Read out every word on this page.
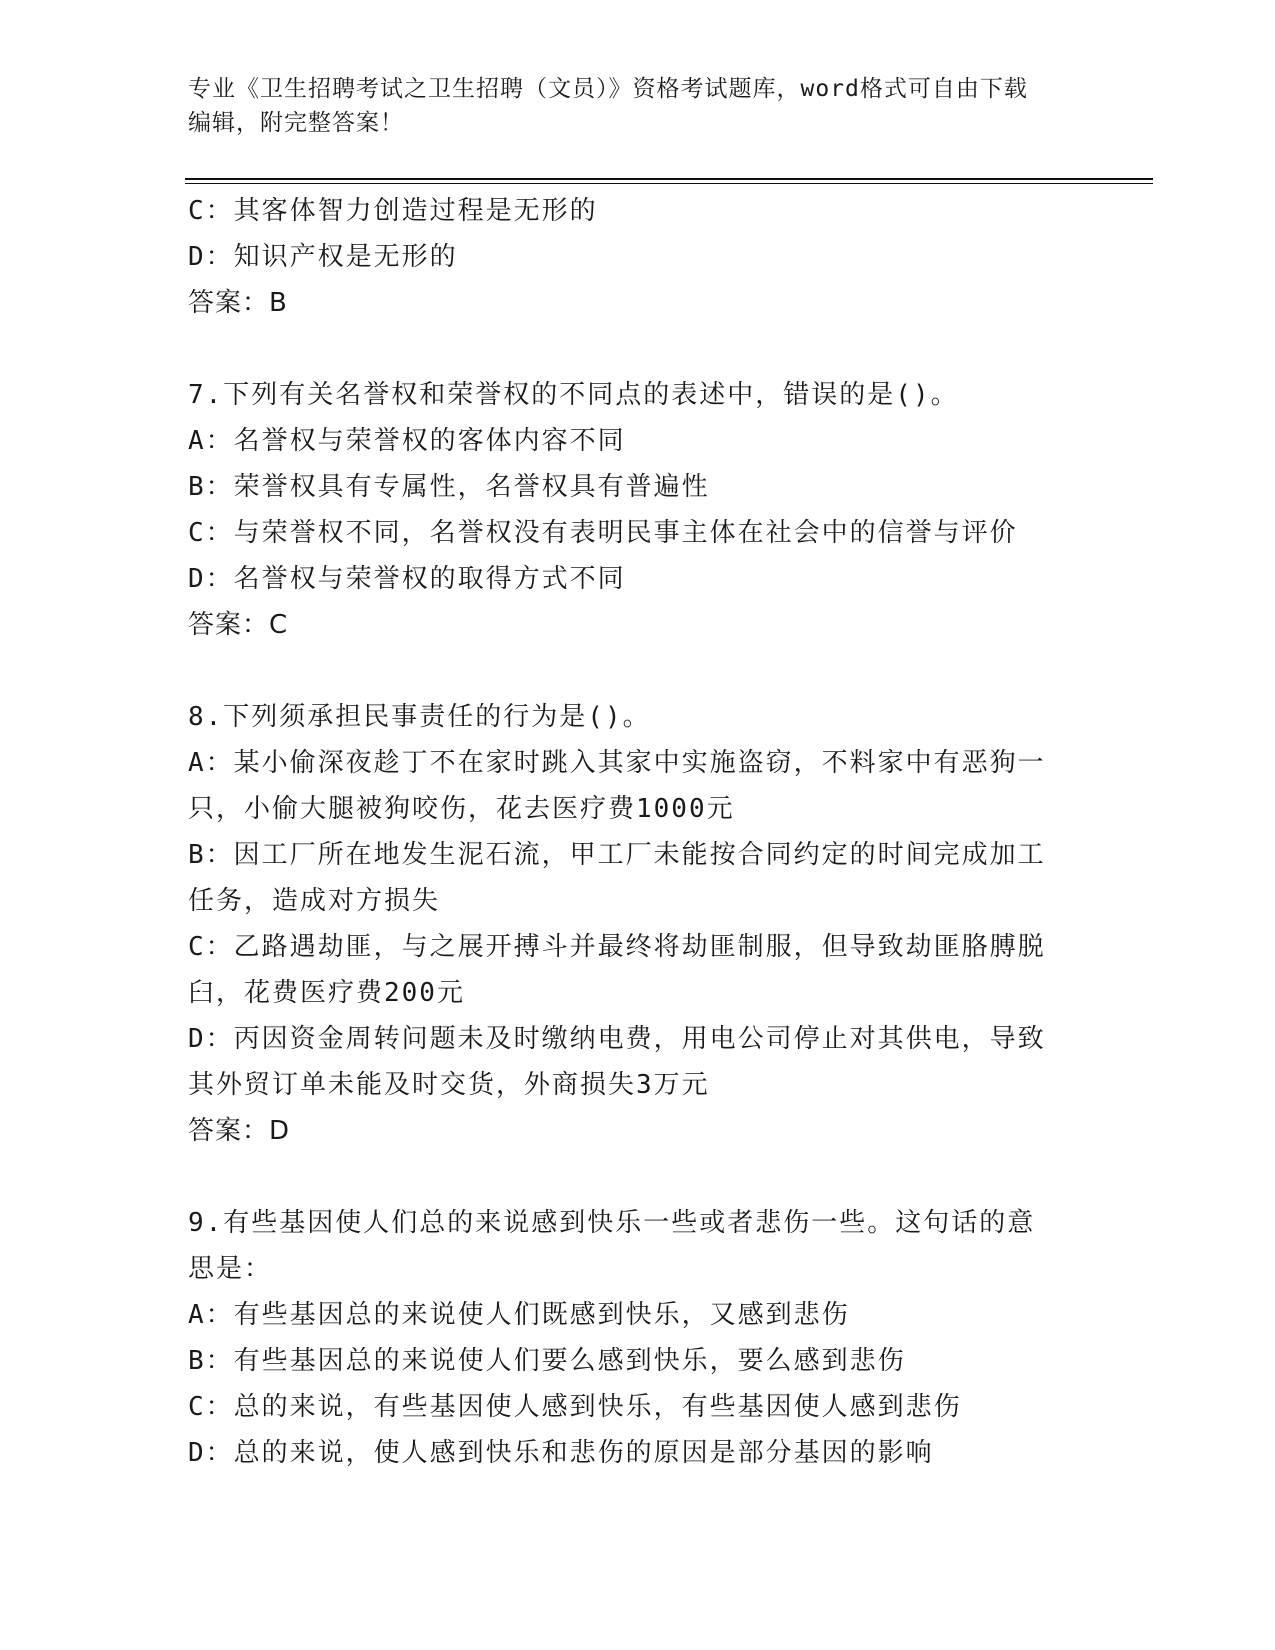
专业《卫生招聘考试之卫生招聘（文员）》资格考试题库，word格式可自由下载
编辑，附完整答案！
C：其客体智力创造过程是无形的
D：知识产权是无形的
答案：B
7.下列有关名誉权和荣誉权的不同点的表述中，错误的是()。
A：名誉权与荣誉权的客体内容不同
B：荣誉权具有专属性，名誉权具有普遍性
C：与荣誉权不同，名誉权没有表明民事主体在社会中的信誉与评价
D：名誉权与荣誉权的取得方式不同
答案：C
8.下列须承担民事责任的行为是()。
A：某小偷深夜趁丁不在家时跳入其家中实施盗窃，不料家中有恶狗一
只，小偷大腿被狗咬伤，花去医疗费1000元
B：因工厂所在地发生泥石流，甲工厂未能按合同约定的时间完成加工
任务，造成对方损失
C：乙路遇劫匪，与之展开搏斗并最终将劫匪制服，但导致劫匪胳膊脱
臼，花费医疗费200元
D：丙因资金周转问题未及时缴纳电费，用电公司停止对其供电，导致
其外贸订单未能及时交货，外商损失3万元
答案：D
9.有些基因使人们总的来说感到快乐一些或者悲伤一些。这句话的意
思是：
A：有些基因总的来说使人们既感到快乐，又感到悲伤
B：有些基因总的来说使人们要么感到快乐，要么感到悲伤
C：总的来说，有些基因使人感到快乐，有些基因使人感到悲伤
D：总的来说，使人感到快乐和悲伤的原因是部分基因的影响
